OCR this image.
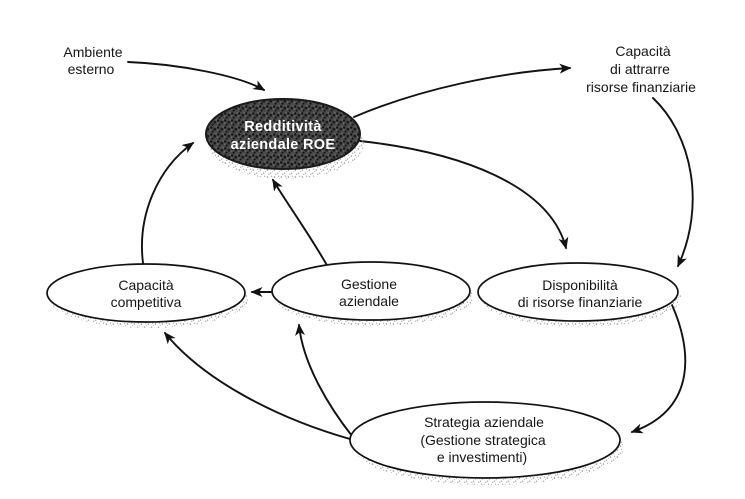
Ambiente
esterno
Capacità
di attrarre
risorse finanziarie
Redditività
aziendale ROE
Capacità
competitiva
Gestione
aziendale
Disponibilità
di risorse finanziarie
Strategia aziendale
(Gestione strategica
e investimenti)
